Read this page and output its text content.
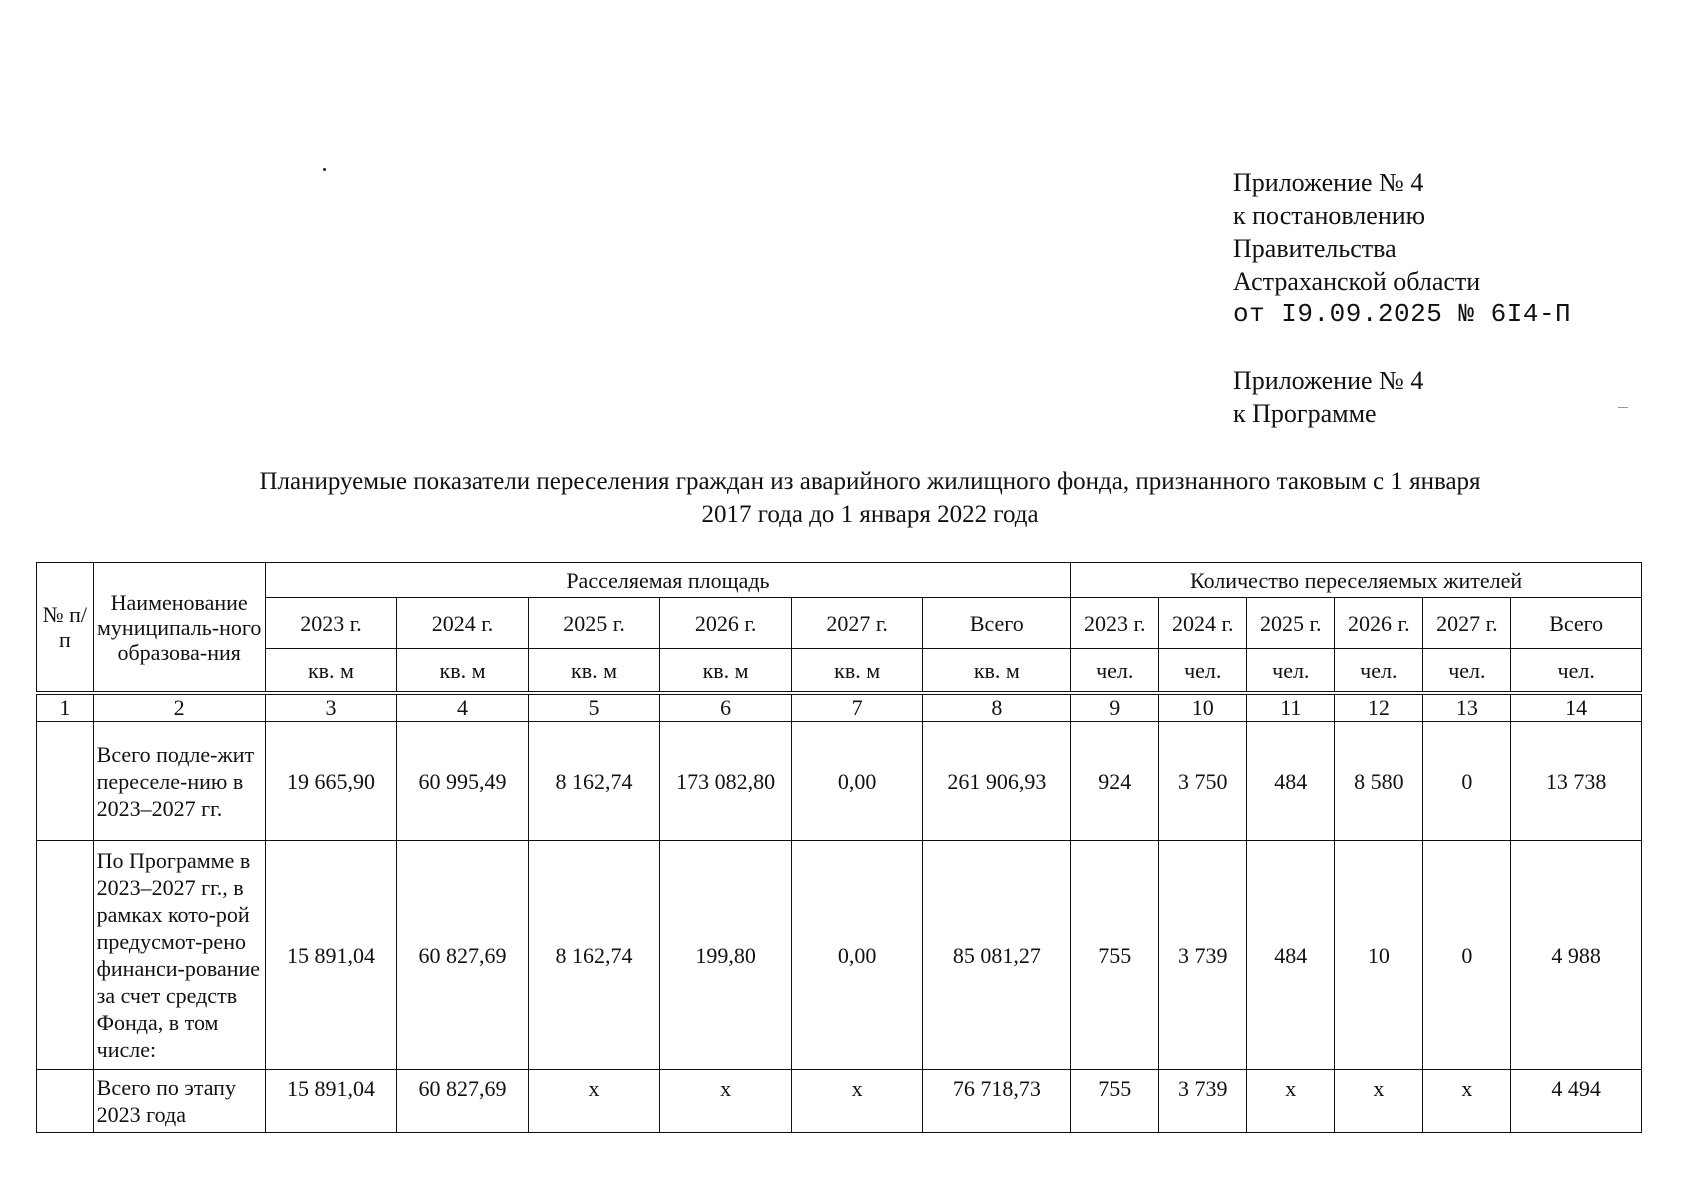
Приложение № 4
к постановлению
Правительства
Астраханской области
от I9.09.2025 № 6I4-П
Приложение № 4
к Программе
Планируемые показатели переселения граждан из аварийного жилищного фонда, признанного таковым с 1 января
2017 года до 1 января 2022 года
№ п/п	Наименование муниципаль-ного образова-ния	Расселяемая площадь						Количество переселяемых жителей					
		2023 г.	2024 г.	2025 г.	2026 г.	2027 г.	Всего	2023 г.	2024 г.	2025 г.	2026 г.	2027 г.	Всего
		кв. м	кв. м	кв. м	кв. м	кв. м	кв. м	чел.	чел.	чел.	чел.	чел.	чел.
1	2	3	4	5	6	7	8	9	10	11	12	13	14
	Всего подле-жит переселе-нию в 2023–2027 гг.	19 665,90	60 995,49	8 162,74	173 082,80	0,00	261 906,93	924	3 750	484	8 580	0	13 738
	По Программе в 2023–2027 гг., в рамках кото-рой предусмот-рено финанси-рование за счет средств Фонда, в том числе:	15 891,04	60 827,69	8 162,74	199,80	0,00	85 081,27	755	3 739	484	10	0	4 988
	Всего по этапу 2023 года	15 891,04	60 827,69	х	х	х	76 718,73	755	3 739	х	х	х	4 494
